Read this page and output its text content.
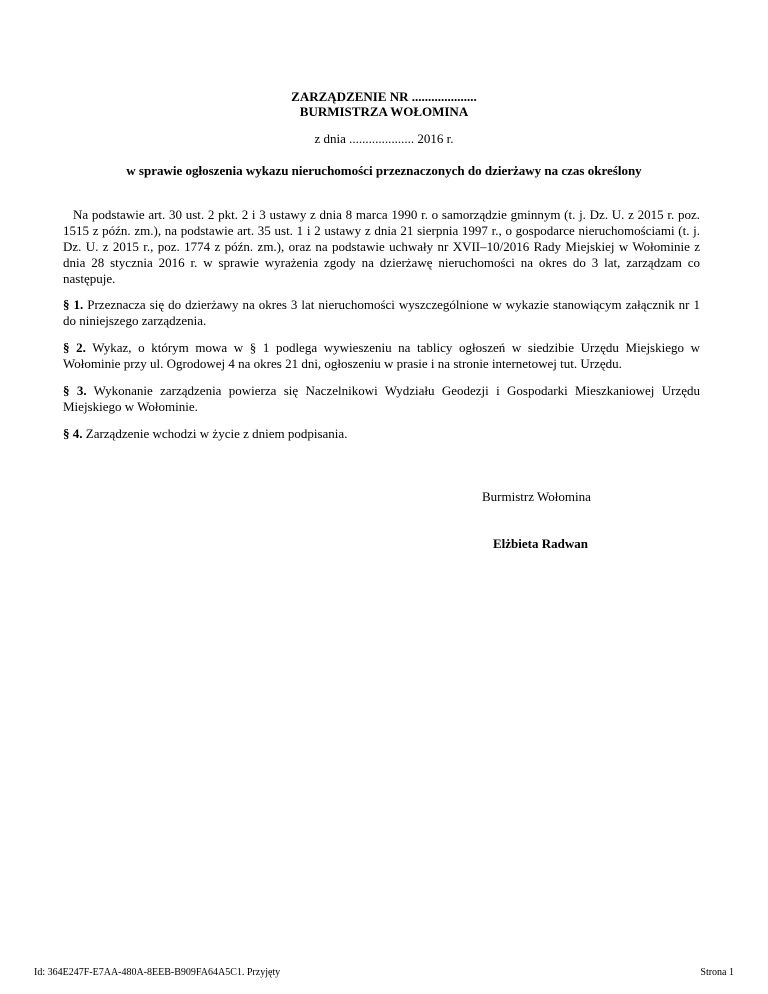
ZARZĄDZENIE NR ....................
BURMISTRZA WOŁOMINA
z dnia .................... 2016 r.
w sprawie ogłoszenia wykazu nieruchomości przeznaczonych do dzierżawy na czas określony

Na podstawie art. 30 ust. 2 pkt. 2 i 3 ustawy z dnia 8 marca 1990 r. o samorządzie gminnym (t. j. Dz. U. z 2015 r. poz. 1515 z późn. zm.), na podstawie art. 35 ust. 1 i 2 ustawy z dnia 21 sierpnia 1997 r., o gospodarce nieruchomościami (t. j. Dz. U. z 2015 r., poz. 1774 z późn. zm.), oraz na podstawie uchwały nr XVII–10/2016 Rady Miejskiej w Wołominie z dnia 28 stycznia 2016 r. w sprawie wyrażenia zgody na dzierżawę nieruchomości na okres do 3 lat, zarządzam co następuje.

§ 1. Przeznacza się do dzierżawy na okres 3 lat nieruchomości wyszczególnione w wykazie stanowiącym załącznik nr 1 do niniejszego zarządzenia.

§ 2. Wykaz, o którym mowa w § 1 podlega wywieszeniu na tablicy ogłoszeń w siedzibie Urzędu Miejskiego w Wołominie przy ul. Ogrodowej 4 na okres 21 dni, ogłoszeniu w prasie i na stronie internetowej tut. Urzędu.

§ 3. Wykonanie zarządzenia powierza się Naczelnikowi Wydziału Geodezji i Gospodarki Mieszkaniowej Urzędu Miejskiego w Wołominie.

§ 4. Zarządzenie wchodzi w życie z dniem podpisania.

Burmistrz Wołomina
Elżbieta Radwan
Id: 364E247F-E7AA-480A-8EEB-B909FA64A5C1. Przyjęty	Strona 1
